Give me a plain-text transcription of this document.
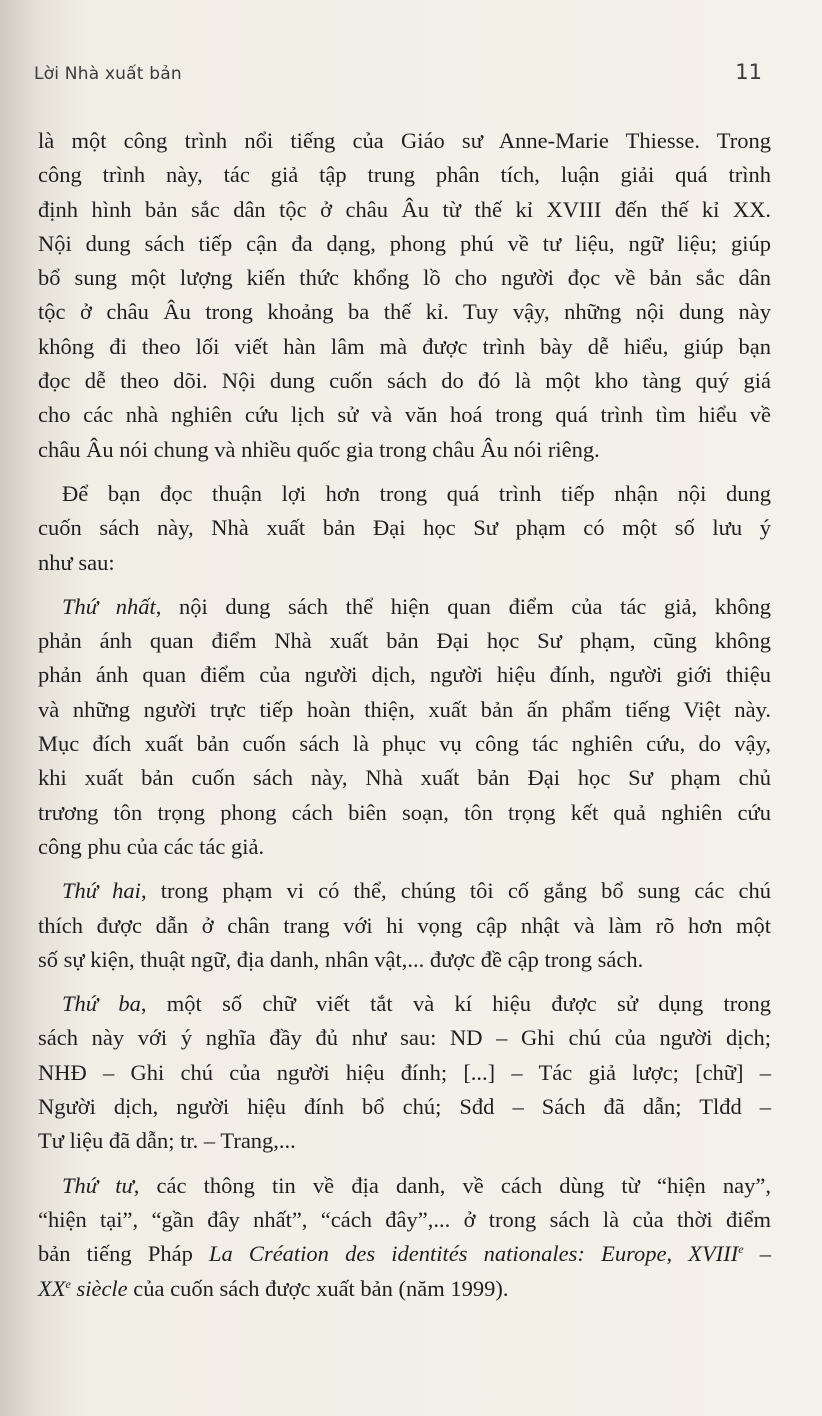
Lời Nhà xuất bản	11
là một công trình nổi tiếng của Giáo sư Anne-Marie Thiesse. Trong
công trình này, tác giả tập trung phân tích, luận giải quá trình
định hình bản sắc dân tộc ở châu Âu từ thế kỉ XVIII đến thế kỉ XX.
Nội dung sách tiếp cận đa dạng, phong phú về tư liệu, ngữ liệu; giúp
bổ sung một lượng kiến thức khổng lồ cho người đọc về bản sắc dân
tộc ở châu Âu trong khoảng ba thế kỉ. Tuy vậy, những nội dung này
không đi theo lối viết hàn lâm mà được trình bày dễ hiểu, giúp bạn
đọc dễ theo dõi. Nội dung cuốn sách do đó là một kho tàng quý giá
cho các nhà nghiên cứu lịch sử và văn hoá trong quá trình tìm hiểu về
châu Âu nói chung và nhiều quốc gia trong châu Âu nói riêng.
Để bạn đọc thuận lợi hơn trong quá trình tiếp nhận nội dung
cuốn sách này, Nhà xuất bản Đại học Sư phạm có một số lưu ý
như sau:
Thứ nhất, nội dung sách thể hiện quan điểm của tác giả, không
phản ánh quan điểm Nhà xuất bản Đại học Sư phạm, cũng không
phản ánh quan điểm của người dịch, người hiệu đính, người giới thiệu
và những người trực tiếp hoàn thiện, xuất bản ấn phẩm tiếng Việt này.
Mục đích xuất bản cuốn sách là phục vụ công tác nghiên cứu, do vậy,
khi xuất bản cuốn sách này, Nhà xuất bản Đại học Sư phạm chủ
trương tôn trọng phong cách biên soạn, tôn trọng kết quả nghiên cứu
công phu của các tác giả.
Thứ hai, trong phạm vi có thể, chúng tôi cố gắng bổ sung các chú
thích được dẫn ở chân trang với hi vọng cập nhật và làm rõ hơn một
số sự kiện, thuật ngữ, địa danh, nhân vật,... được đề cập trong sách.
Thứ ba, một số chữ viết tắt và kí hiệu được sử dụng trong
sách này với ý nghĩa đầy đủ như sau: ND – Ghi chú của người dịch;
NHĐ – Ghi chú của người hiệu đính; [...] – Tác giả lược; [chữ] –
Người dịch, người hiệu đính bổ chú; Sđd – Sách đã dẫn; Tlđd –
Tư liệu đã dẫn; tr. – Trang,...
Thứ tư, các thông tin về địa danh, về cách dùng từ “hiện nay”,
“hiện tại”, “gần đây nhất”, “cách đây”,... ở trong sách là của thời điểm
bản tiếng Pháp La Création des identités nationales: Europe, XVIIIe –
XXe siècle của cuốn sách được xuất bản (năm 1999).
